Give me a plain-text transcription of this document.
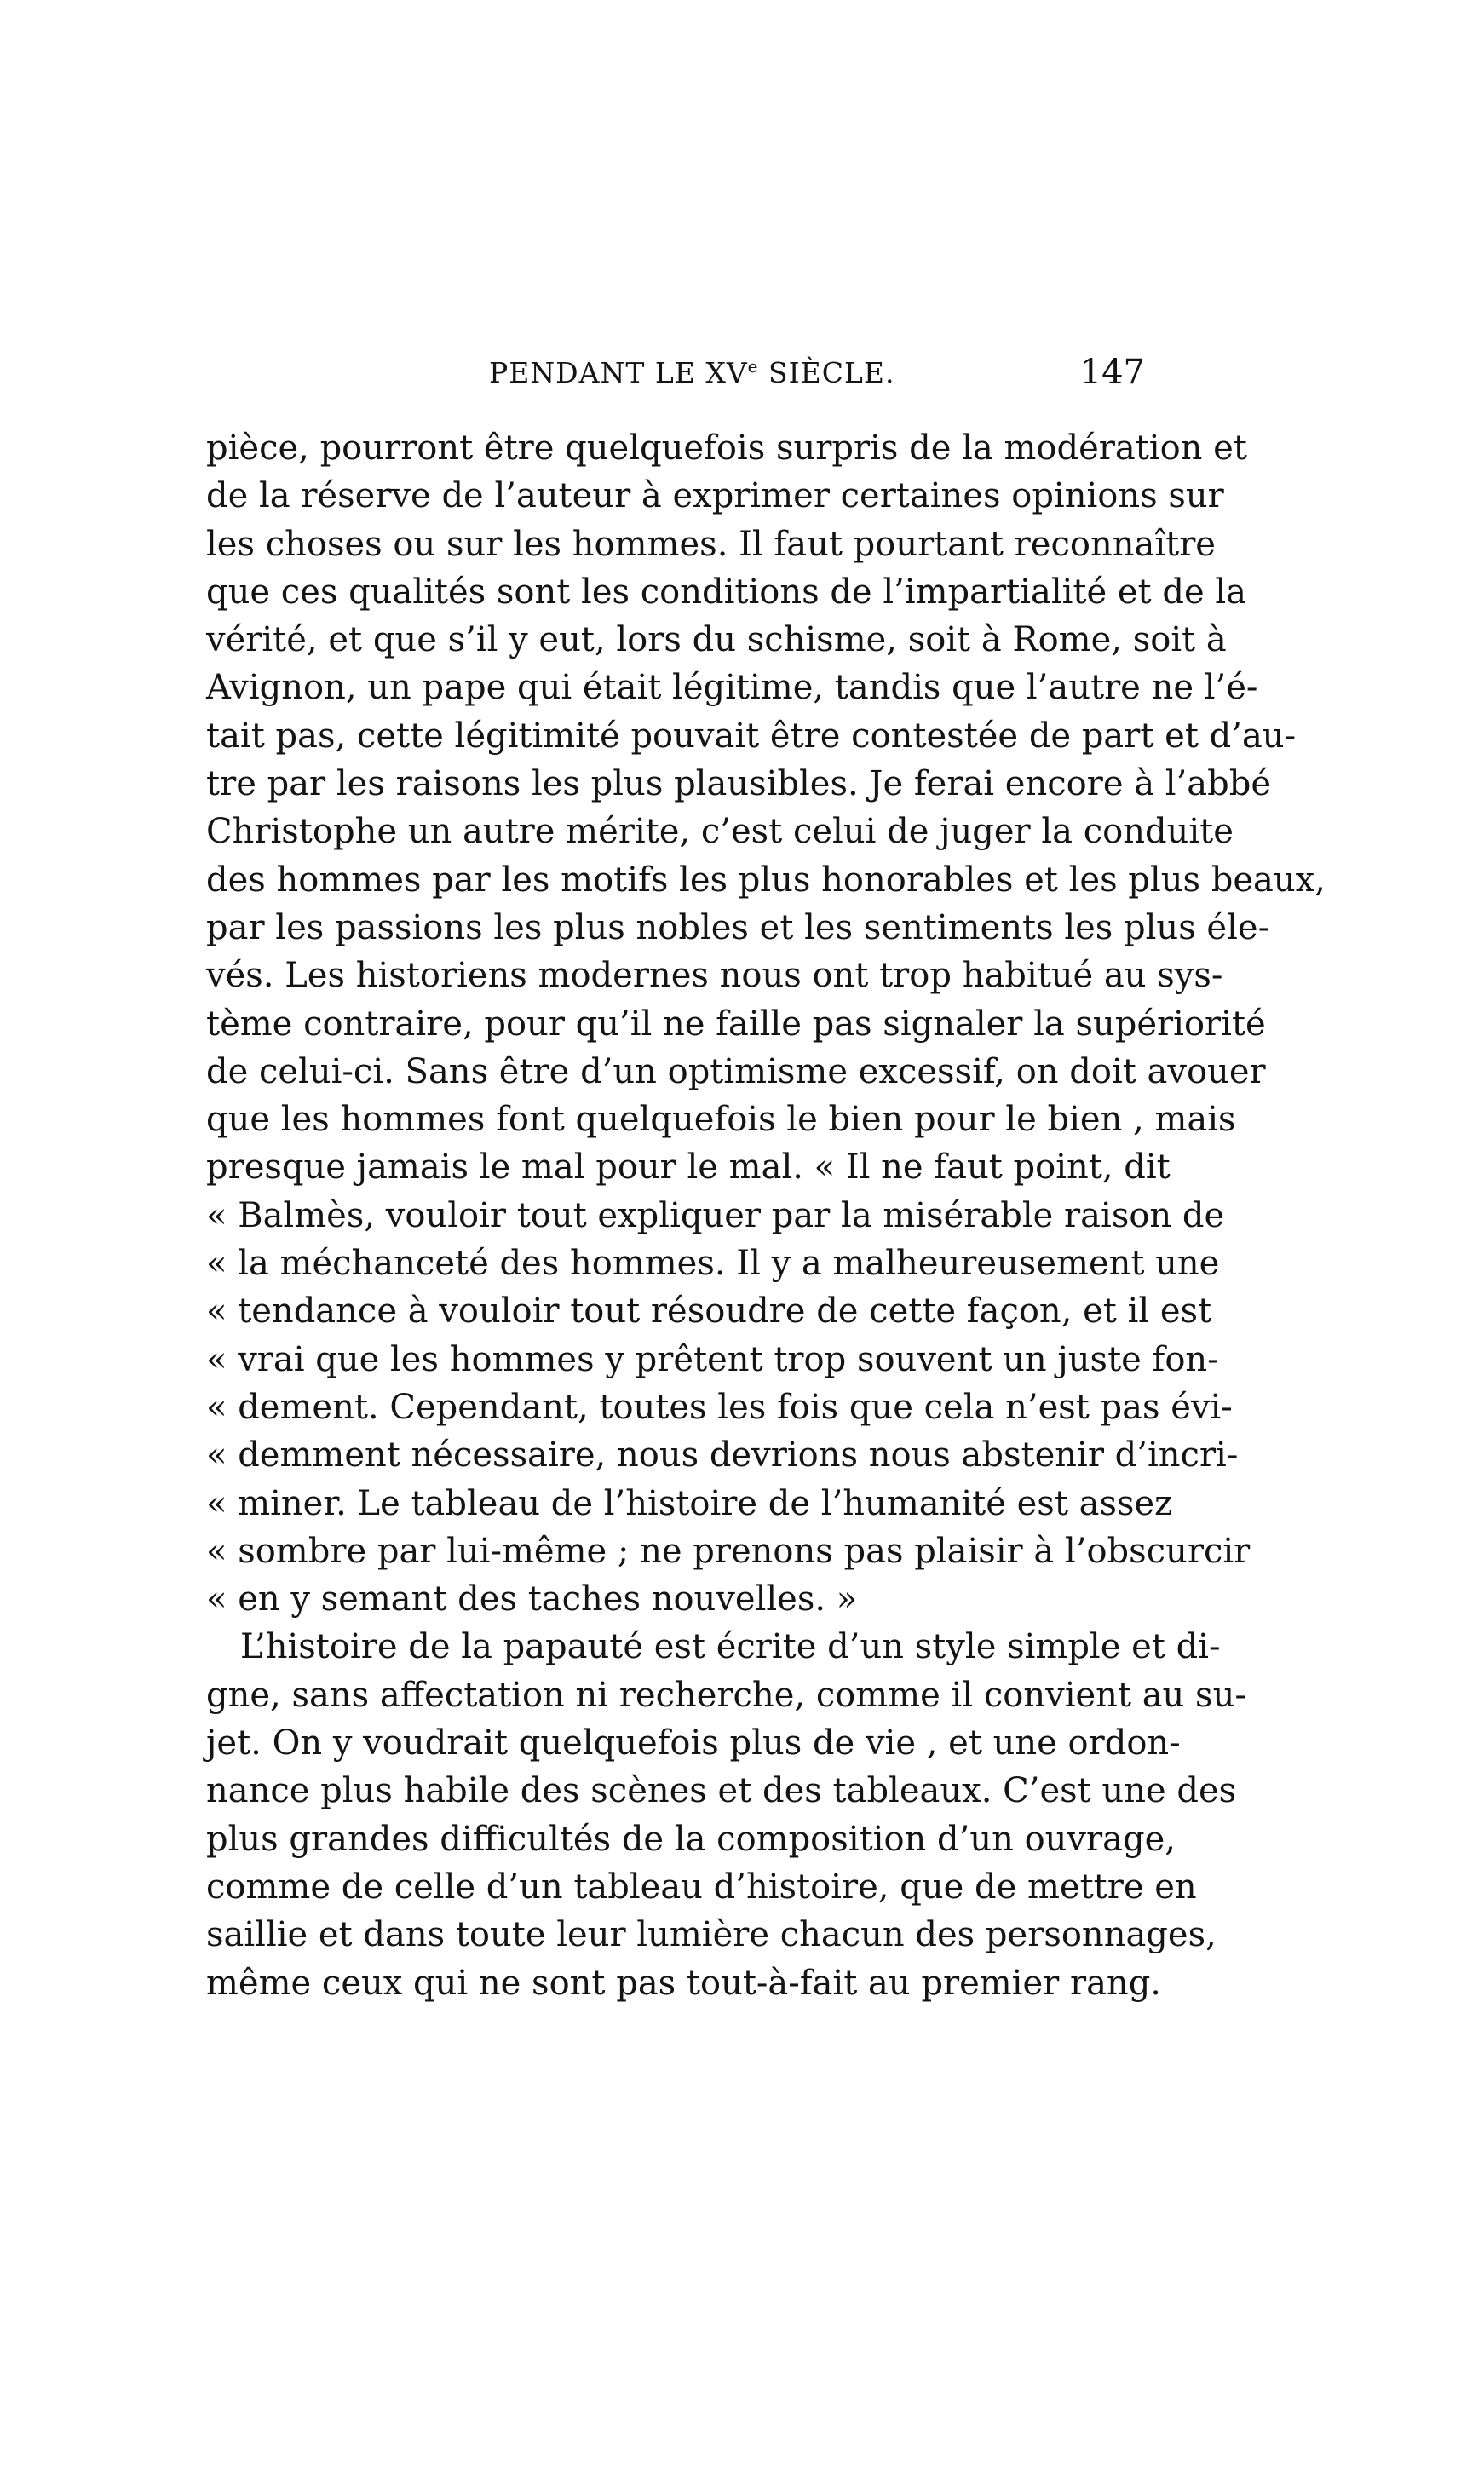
PENDANT LE XVe SIÈCLE.	147
pièce, pourront être quelquefois surpris de la modération et
de la réserve de l’auteur à exprimer certaines opinions sur
les choses ou sur les hommes. Il faut pourtant reconnaître
que ces qualités sont les conditions de l’impartialité et de la
vérité, et que s’il y eut, lors du schisme, soit à Rome, soit à
Avignon, un pape qui était légitime, tandis que l’autre ne l’é-
tait pas, cette légitimité pouvait être contestée de part et d’au-
tre par les raisons les plus plausibles. Je ferai encore à l’abbé
Christophe un autre mérite, c’est celui de juger la conduite
des hommes par les motifs les plus honorables et les plus beaux,
par les passions les plus nobles et les sentiments les plus éle-
vés. Les historiens modernes nous ont trop habitué au sys-
tème contraire, pour qu’il ne faille pas signaler la supériorité
de celui-ci. Sans être d’un optimisme excessif, on doit avouer
que les hommes font quelquefois le bien pour le bien , mais
presque jamais le mal pour le mal. « Il ne faut point, dit
« Balmès, vouloir tout expliquer par la misérable raison de
« la méchanceté des hommes. Il y a malheureusement une
« tendance à vouloir tout résoudre de cette façon, et il est
« vrai que les hommes y prêtent trop souvent un juste fon-
« dement. Cependant, toutes les fois que cela n’est pas évi-
« demment nécessaire, nous devrions nous abstenir d’incri-
« miner. Le tableau de l’histoire de l’humanité est assez
« sombre par lui-même ; ne prenons pas plaisir à l’obscurcir
« en y semant des taches nouvelles. »
L’histoire de la papauté est écrite d’un style simple et di-
gne, sans affectation ni recherche, comme il convient au su-
jet. On y voudrait quelquefois plus de vie , et une ordon-
nance plus habile des scènes et des tableaux. C’est une des
plus grandes difficultés de la composition d’un ouvrage,
comme de celle d’un tableau d’histoire, que de mettre en
saillie et dans toute leur lumière chacun des personnages,
même ceux qui ne sont pas tout-à-fait au premier rang.
